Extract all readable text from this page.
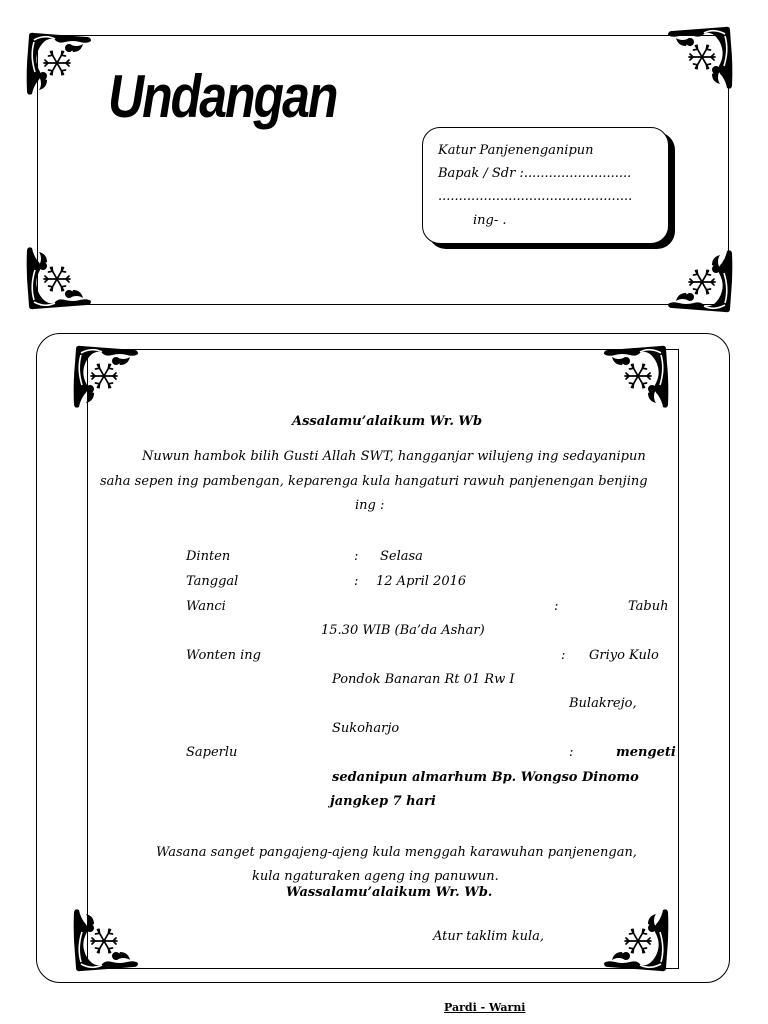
Undangan
Katur Panjenenganipun
Bapak / Sdr :..........................
...............................................
ing- .
Assalamu’alaikum Wr. Wb
Nuwun hambok bilih Gusti Allah SWT, hangganjar wilujeng ing sedayanipun
saha sepen ing pambengan, keparenga kula hangaturi rawuh panjenengan benjing
ing :
Dinten	: Selasa
Tanggal	: 12 April 2016
Wanci	:	Tabuh
15.30 WIB (Ba’da Ashar)
Wonten ing	: Griyo Kulo
Pondok Banaran Rt 01 Rw I
Bulakrejo,
Sukoharjo
Saperlu	:	mengeti
sedanipun almarhum Bp. Wongso Dinomo
jangkep 7 hari
Wasana sanget pangajeng-ajeng kula menggah karawuhan panjenengan,
kula ngaturaken ageng ing panuwun.
Wassalamu’alaikum Wr. Wb.
Atur taklim kula,
Pardi - Warni
